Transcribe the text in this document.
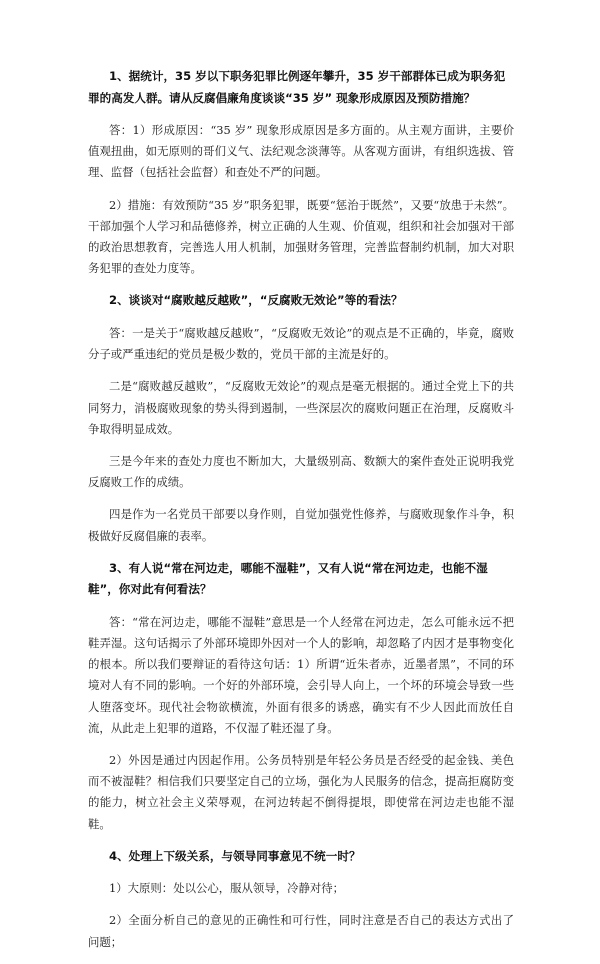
1、据统计，35 岁以下职务犯罪比例逐年攀升，35 岁干部群体已成为职务犯罪的高发人群。请从反腐倡廉角度谈谈“35 岁” 现象形成原因及预防措施？

答：1）形成原因：“35 岁” 现象形成原因是多方面的。从主观方面讲，主要价值观扭曲，如无原则的哥们义气、法纪观念淡薄等。从客观方面讲，有组织选拔、管理、监督（包括社会监督）和查处不严的问题。

2）措施：有效预防“35 岁”职务犯罪，既要“惩治于既然”，又要“放患于未然”。干部加强个人学习和品德修养，树立正确的人生观、价值观，组织和社会加强对干部的政治思想教育，完善选人用人机制，加强财务管理，完善监督制约机制，加大对职务犯罪的查处力度等。

2、谈谈对“腐败越反越败”，“反腐败无效论”等的看法？

答：一是关于“腐败越反越败”，“反腐败无效论”的观点是不正确的，毕竟，腐败分子或严重违纪的党员是极少数的，党员干部的主流是好的。

二是“腐败越反越败”，“反腐败无效论”的观点是毫无根据的。通过全党上下的共同努力，消极腐败现象的势头得到遏制，一些深层次的腐败问题正在治理，反腐败斗争取得明显成效。

三是今年来的查处力度也不断加大，大量级别高、数额大的案件查处正说明我党反腐败工作的成绩。

四是作为一名党员干部要以身作则，自觉加强党性修养，与腐败现象作斗争，积极做好反腐倡廉的表率。

3、有人说“常在河边走，哪能不湿鞋”，又有人说“常在河边走，也能不湿鞋”，你对此有何看法？

答：“常在河边走，哪能不湿鞋”意思是一个人经常在河边走，怎么可能永远不把鞋弄湿。这句话揭示了外部环境即外因对一个人的影响，却忽略了内因才是事物变化的根本。所以我们要辩证的看待这句话：1）所谓“近朱者赤，近墨者黑”，不同的环境对人有不同的影响。一个好的外部环境，会引导人向上，一个坏的环境会导致一些人堕落变坏。现代社会物欲横流，外面有很多的诱惑，确实有不少人因此而放任自流，从此走上犯罪的道路，不仅湿了鞋还湿了身。

2）外因是通过内因起作用。公务员特别是年轻公务员是否经受的起金钱、美色而不被湿鞋？相信我们只要坚定自己的立场，强化为人民服务的信念，提高拒腐防变的能力，树立社会主义荣辱观，在河边转起不倒得提垠，即使常在河边走也能不湿鞋。

4、处理上下级关系，与领导同事意见不统一时？

1）大原则：处以公心，服从领导，冷静对待；

2）全面分析自己的意见的正确性和可行性，同时注意是否自己的表达方式出了问题；
